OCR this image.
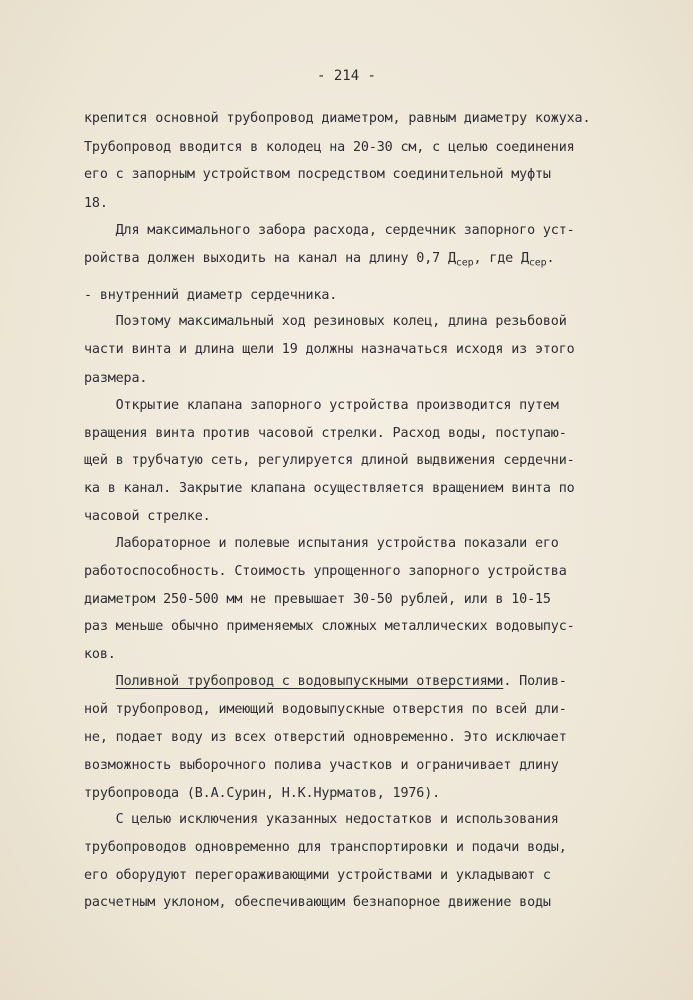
- 214 -
крепится основной трубопровод диаметром, равным диаметру кожуха.
Трубопровод вводится в колодец на 20-30 см, с целью соединения
его с запорным устройством посредством соединительной муфты
18.
Для максимального забора расхода, сердечник запорного уст-
ройства должен выходить на канал на длину 0,7 $Д_{сер}$, где $Д_{сер}$.
- внутренний диаметр сердечника.
Поэтому максимальный ход резиновых колец, длина резьбовой
части винта и длина щели 19 должны назначаться исходя из этого
размера.
Открытие клапана запорного устройства производится путем
вращения винта против часовой стрелки. Расход воды, поступаю-
щей в трубчатую сеть, регулируется длиной выдвижения сердечни-
ка в канал. Закрытие клапана осуществляется вращением винта по
часовой стрелке.
Лабораторное и полевые испытания устройства показали его
работоспособность. Стоимость упрощенного запорного устройства
диаметром 250-500 мм не превышает 30-50 рублей, или в 10-15
раз меньше обычно применяемых сложных металлических водовыпус-
ков.
Поливной трубопровод с водовыпускными отверстиями. Полив-
ной трубопровод, имеющий водовыпускные отверстия по всей дли-
не, подает воду из всех отверстий одновременно. Это исключает
возможность выборочного полива участков и ограничивает длину
трубопровода (В.А.Сурин, Н.К.Нурматов, 1976).
С целью исключения указанных недостатков и использования
трубопроводов одновременно для транспортировки и подачи воды,
его оборудуют перегораживающими устройствами и укладывают с
расчетным уклоном, обеспечивающим безнапорное движение воды
